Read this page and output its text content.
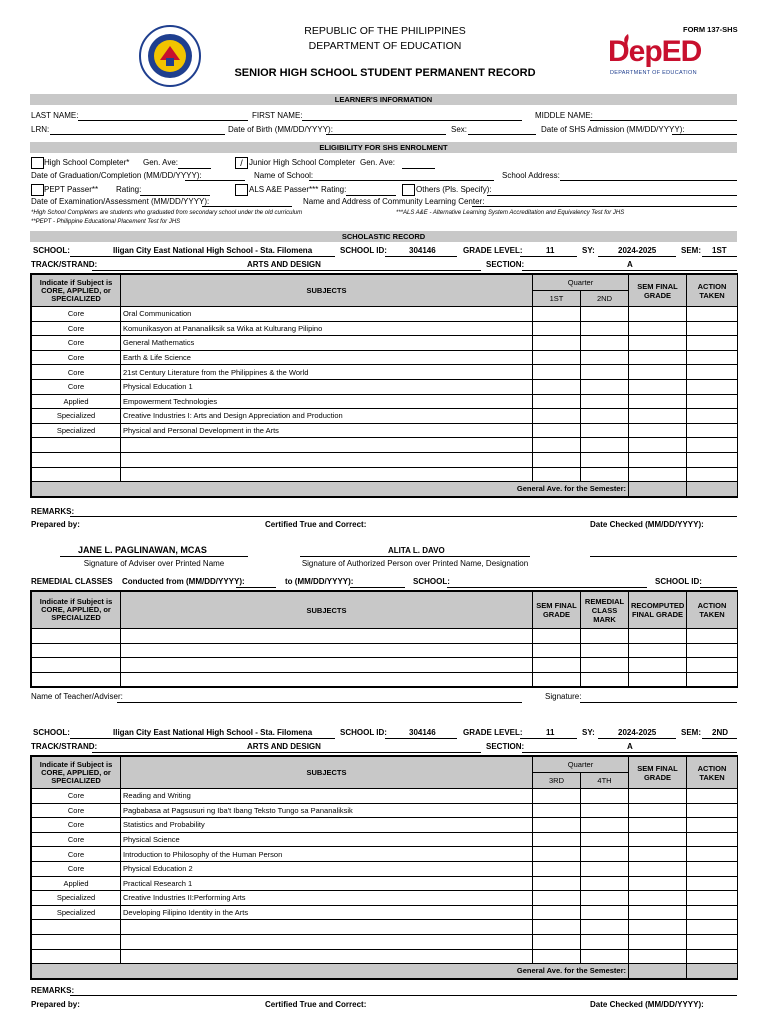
REPUBLIC OF THE PHILIPPINES
DEPARTMENT OF EDUCATION
SENIOR HIGH SCHOOL STUDENT PERMANENT RECORD
FORM 137-SHS
DepED
DEPARTMENT OF EDUCATION
LEARNER'S INFORMATION
LAST NAME:	FIRST NAME:	MIDDLE NAME:
LRN:	Date of Birth (MM/DD/YYYY):	Sex:	Date of SHS Admission (MM/DD/YYYY):
ELIGIBILITY FOR SHS ENROLMENT
High School Completer* Gen. Ave:	/ Junior High School Completer Gen. Ave:
Date of Graduation/Completion (MM/DD/YYYY):	Name of School:	School Address:
PEPT Passer** Rating:	ALS A&E Passer*** Rating:	Others (Pls. Specify):
Date of Examination/Assessment (MM/DD/YYYY):	Name and Address of Community Learning Center:
*High School Completers are students who graduated from secondary school under the old curriculum	***ALS A&E - Alternative Learning System Accreditation and Equivalency Test for JHS
**PEPT - Philippine Educational Placement Test for JHS
SCHOLASTIC RECORD
SCHOOL:	Iligan City East National High School - Sta. Filomena	SCHOOL ID:	304146	GRADE LEVEL:	11	SY:	2024-2025	SEM: 1ST
TRACK/STRAND:	ARTS AND DESIGN	SECTION:	A
Indicate if Subject is CORE, APPLIED, or SPECIALIZED	SUBJECTS	Quarter		SEM FINAL GRADE	ACTION TAKEN
		1ST	2ND		
Core	Oral Communication				
Core	Komunikasyon at Pananaliksik sa Wika at Kulturang Pilipino				
Core	General Mathematics				
Core	Earth & Life Science				
Core	21st Century Literature from the Philippines & the World				
Core	Physical Education 1				
Applied	Empowerment Technologies				
Specialized	Creative Industries I: Arts and Design Appreciation and Production				
Specialized	Physical and Personal Development in the Arts				

General Ave. for the Semester:					
REMARKS:
Prepared by:	Certified True and Correct:	Date Checked (MM/DD/YYYY):
JANE L. PAGLINAWAN, MCAS
Signature of Adviser over Printed Name
ALITA L. DAVO
Signature of Authorized Person over Printed Name, Designation
REMEDIAL CLASSES Conducted from (MM/DD/YYYY):	to (MM/DD/YYYY):	SCHOOL:	SCHOOL ID:
Indicate if Subject is CORE, APPLIED, or SPECIALIZED	SUBJECTS	SEM FINAL GRADE	REMEDIAL CLASS MARK	RECOMPUTED FINAL GRADE	ACTION TAKEN

Name of Teacher/Adviser:	Signature:
SCHOOL:	Iligan City East National High School - Sta. Filomena	SCHOOL ID:	304146	GRADE LEVEL:	11	SY:	2024-2025	SEM: 2ND
TRACK/STRAND:	ARTS AND DESIGN	SECTION:	A
Indicate if Subject is CORE, APPLIED, or SPECIALIZED	SUBJECTS	Quarter		SEM FINAL GRADE	ACTION TAKEN
		3RD	4TH		
Core	Reading and Writing				
Core	Pagbabasa at Pagsusuri ng Iba't Ibang Teksto Tungo sa Pananaliksik				
Core	Statistics and Probability				
Core	Physical Science				
Core	Introduction to Philosophy of the Human Person				
Core	Physical Education 2				
Applied	Practical Research 1				
Specialized	Creative Industries II:Performing Arts				
Specialized	Developing Filipino Identity in the Arts				

General Ave. for the Semester:					
REMARKS:
Prepared by:	Certified True and Correct:	Date Checked (MM/DD/YYYY):
